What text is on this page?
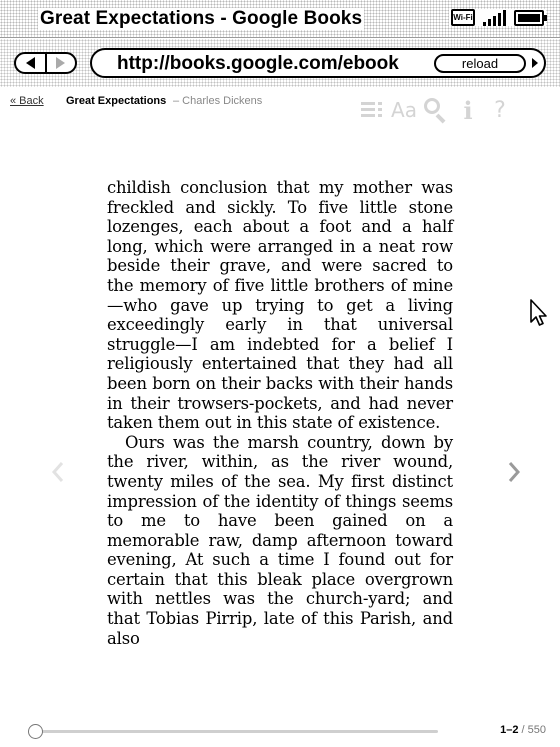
Great Expectations - Google Books	Wi-Fi
http://books.google.com/ebook	reload
« Back Great Expectations – Charles Dickens	Aa i ?

childish conclusion that my mother was freckled and sickly. To five little stone lozenges, each about a foot and a half long, which were arranged in a neat row beside their grave, and were sacred to the memory of five little brothers of mine—who gave up trying to get a living exceedingly early in that universal struggle—I am indebted for a belief I religiously entertained that they had all been born on their backs with their hands in their trowsers-pockets, and had never taken them out in this state of existence.

Ours was the marsh country, down by the river, within, as the river wound, twenty miles of the sea. My first distinct impression of the identity of things seems to me to have been gained on a memorable raw, damp afternoon toward evening, At such a time I found out for certain that this bleak place overgrown with nettles was the church-yard; and that Tobias Pirrip, late of this Parish, and also

1–2 / 550
